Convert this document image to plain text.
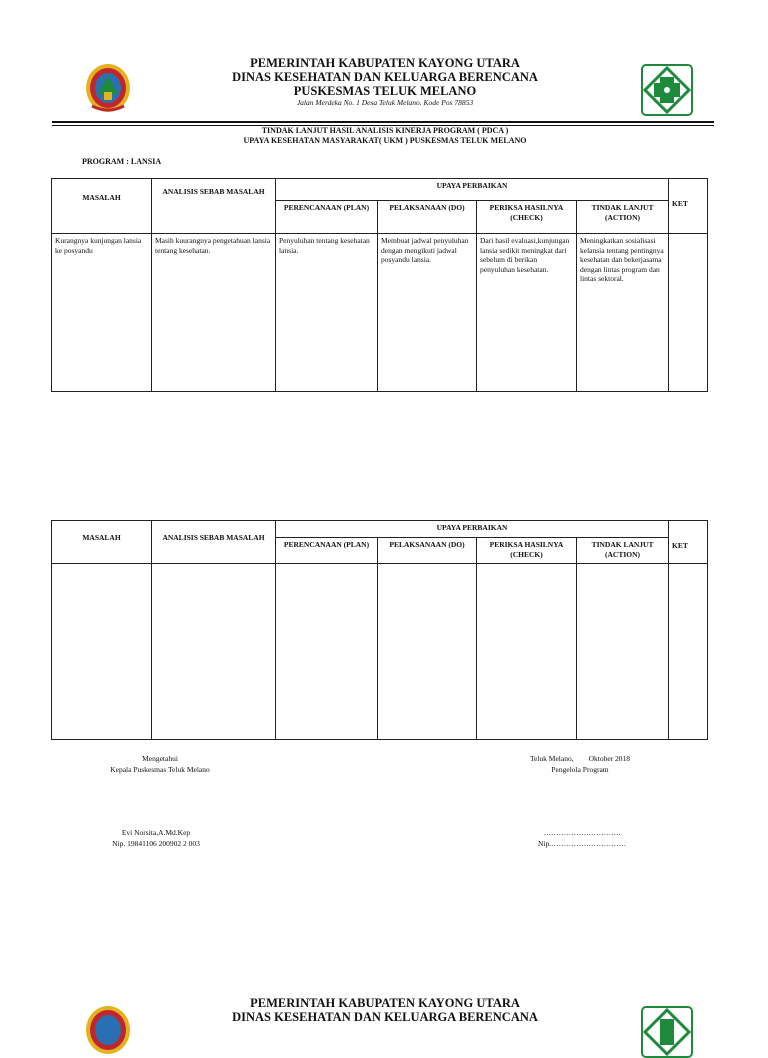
PEMERINTAH KABUPATEN KAYONG UTARA
DINAS KESEHATAN DAN KELUARGA BERENCANA
PUSKESMAS TELUK MELANO
Jalan Merdeka No. 1 Desa Teluk Melano. Kode Pos 78853
TINDAK LANJUT HASIL ANALISIS KINERJA PROGRAM ( PDCA )
UPAYA KESEHATAN MASYARAKAT( UKM ) PUSKESMAS TELUK MELANO
PROGRAM : LANSIA
MASALAH	ANALISIS SEBAB MASALAH	UPAYA PERBAIKAN				KET
		PERENCANAAN (PLAN)	PELAKSANAAN (DO)	PERIKSA HASILNYA (CHECK)	TINDAK LANJUT (ACTION)	
Kurangnya kunjungan lansia ke posyandu	Masih kuurangnya pengetahuan lansia tentang kesehatan.	Penyuluhan tentang kesehatan lansia.	Membuat jadwal penyuluhan dengan mengikuti jadwal posyandu lansia.	Dari hasil evaluasi,kunjungan lansia sedikit meningkat dari sebelum di berikan penyuluhan kesehatan.	Meningkatkan sosialisasi kelansia tentang pentingnya kesehatan dan bekerjasama dengan lintas program dan lintas sektoral.	
MASALAH	ANALISIS SEBAB MASALAH	UPAYA PERBAIKAN				KET
		PERENCANAAN (PLAN)	PELAKSANAAN (DO)	PERIKSA HASILNYA (CHECK)	TINDAK LANJUT (ACTION)	

Mengetahui
Kepala Puskesmas Teluk Melano
Evi Norsita,A.Md.Kep
Nip. 19841106 200902 2 003
Teluk Melano,        Oktober 2018
Pengelola Program
………………………….
Nip.…………………………
PEMERINTAH KABUPATEN KAYONG UTARA
DINAS KESEHATAN DAN KELUARGA BERENCANA
